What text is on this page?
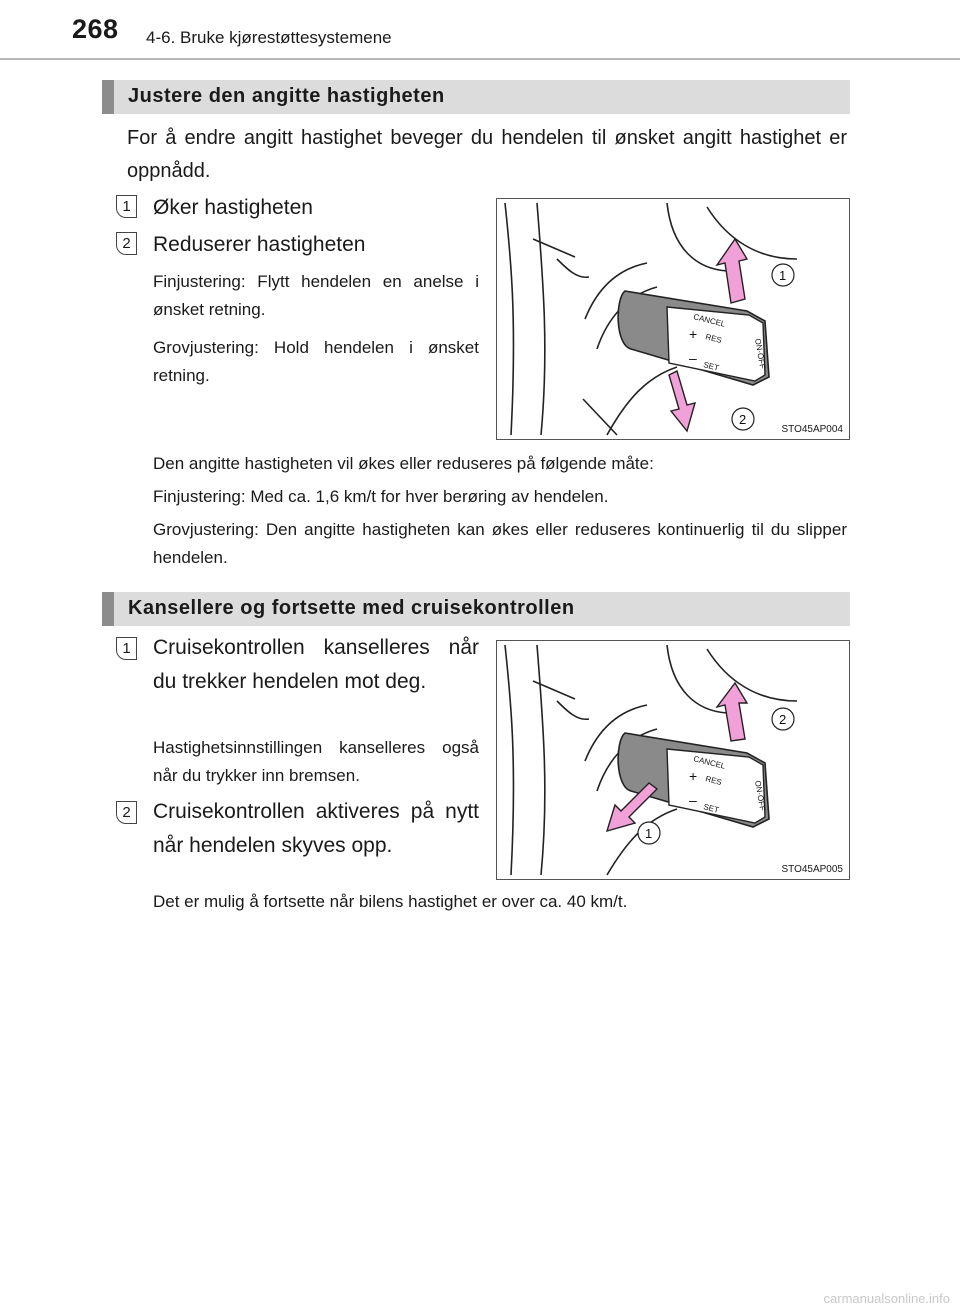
268 4-6. Bruke kjørestøttesystemene
Justere den angitte hastigheten
For å endre angitt hastighet beveger du hendelen til ønsket angitt hastighet er oppnådd.
1	Øker hastigheten
2	Reduserer hastigheten
Finjustering: Flytt hendelen en anelse i ønsket retning.
Grovjustering: Hold hendelen i ønsket retning.
CANCEL
RES
SET	ON·OFF
+
–
1
2
STO45AP004
Den angitte hastigheten vil økes eller reduseres på følgende måte:
Finjustering: Med ca. 1,6 km/t for hver berøring av hendelen.
Grovjustering: Den angitte hastigheten kan økes eller reduseres kontinuerlig til du slipper hendelen.
Kansellere og fortsette med cruisekontrollen
1	Cruisekontrollen kanselleres når du trekker hendelen mot deg.
Hastighetsinnstillingen kanselleres også når du trykker inn bremsen.
2	Cruisekontrollen aktiveres på nytt når hendelen skyves opp.
CANCEL
RES
SET	ON·OFF
+
–
2
1
STO45AP005
Det er mulig å fortsette når bilens hastighet er over ca. 40 km/t.
carmanualsonline.info
